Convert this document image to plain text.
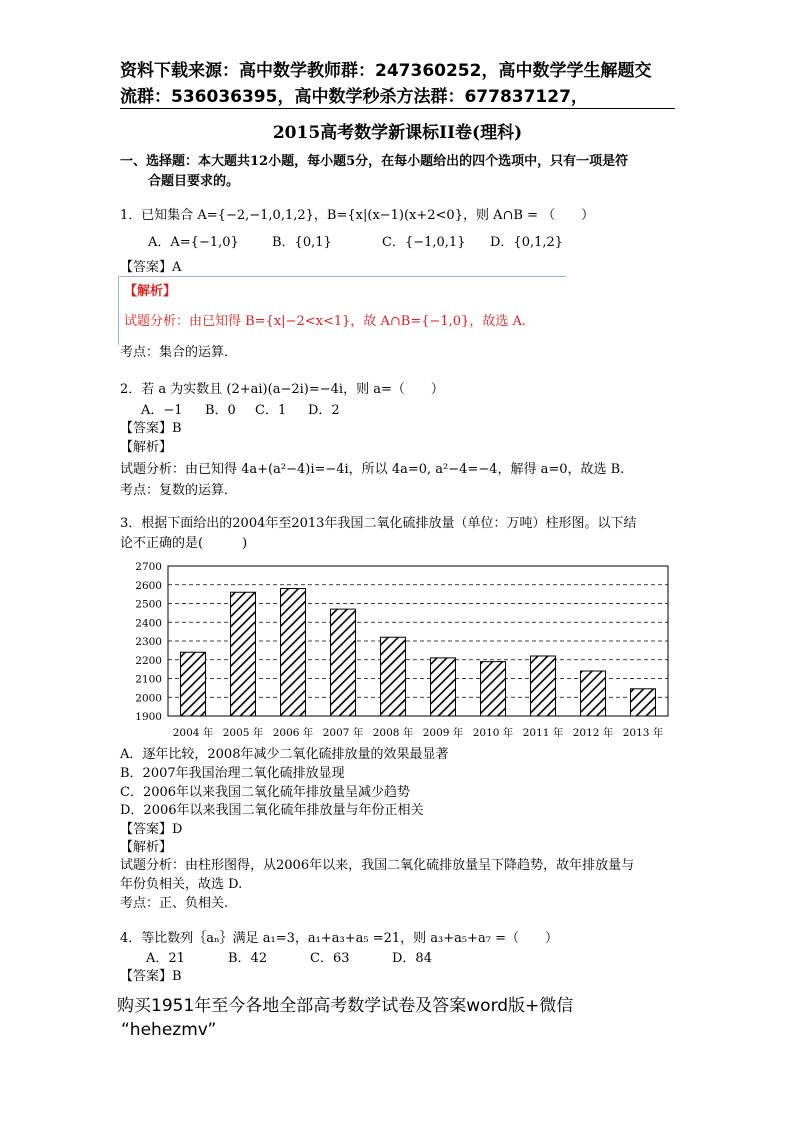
资料下载来源：高中数学教师群：247360252，高中数学学生解题交
流群：536036395，高中数学秒杀方法群：677837127，
2015高考数学新课标II卷(理科)
一、选择题：本大题共12小题，每小题5分，在每小题给出的四个选项中，只有一项是符
合题目要求的。
1．已知集合 A={−2,−1,0,1,2}，B={x|(x−1)(x+2<0}，则 A∩B = （　　）
A．A={−1,0}	B．{0,1}	C．{−1,0,1} D．{0,1,2}
【答案】A
【解析】
试题分析：由已知得 B={x|−2<x<1}，故 A∩B={−1,0}，故选 A.
考点：集合的运算．
2．若 a 为实数且 (2+ai)(a−2i)=−4i，则 a=（　　）
A．−1 B．0 C．1 D．2
【答案】B
【解析】
试题分析：由已知得 4a+(a²−4)i=−4i，所以 4a=0, a²−4=−4，解得 a=0，故选 B.
考点：复数的运算．
3．根据下面给出的2004年至2013年我国二氧化硫排放量（单位：万吨）柱形图。以下结
论不正确的是(　　　)
1900
2000
2100
2200
2300
2400
2500
2600
2700
2004 年 2005 年 2006 年 2007 年 2008 年 2009 年 2010 年 2011 年 2012 年 2013 年
A．逐年比较，2008年减少二氧化硫排放量的效果最显著
B．2007年我国治理二氧化硫排放显现
C．2006年以来我国二氧化硫年排放量呈减少趋势
D．2006年以来我国二氧化硫年排放量与年份正相关
【答案】D
【解析】
试题分析：由柱形图得，从2006年以来，我国二氧化硫排放量呈下降趋势，故年排放量与
年份负相关，故选 D.
考点：正、负相关.
4．等比数列｛aₙ｝满足 a₁=3，a₁+a₃+a₅ =21，则 a₃+a₅+a₇ =（　　）
A．21	B．42	C．63	D．84
【答案】B
购买1951年至今各地全部高考数学试卷及答案word版+微信
“hehezmv”
